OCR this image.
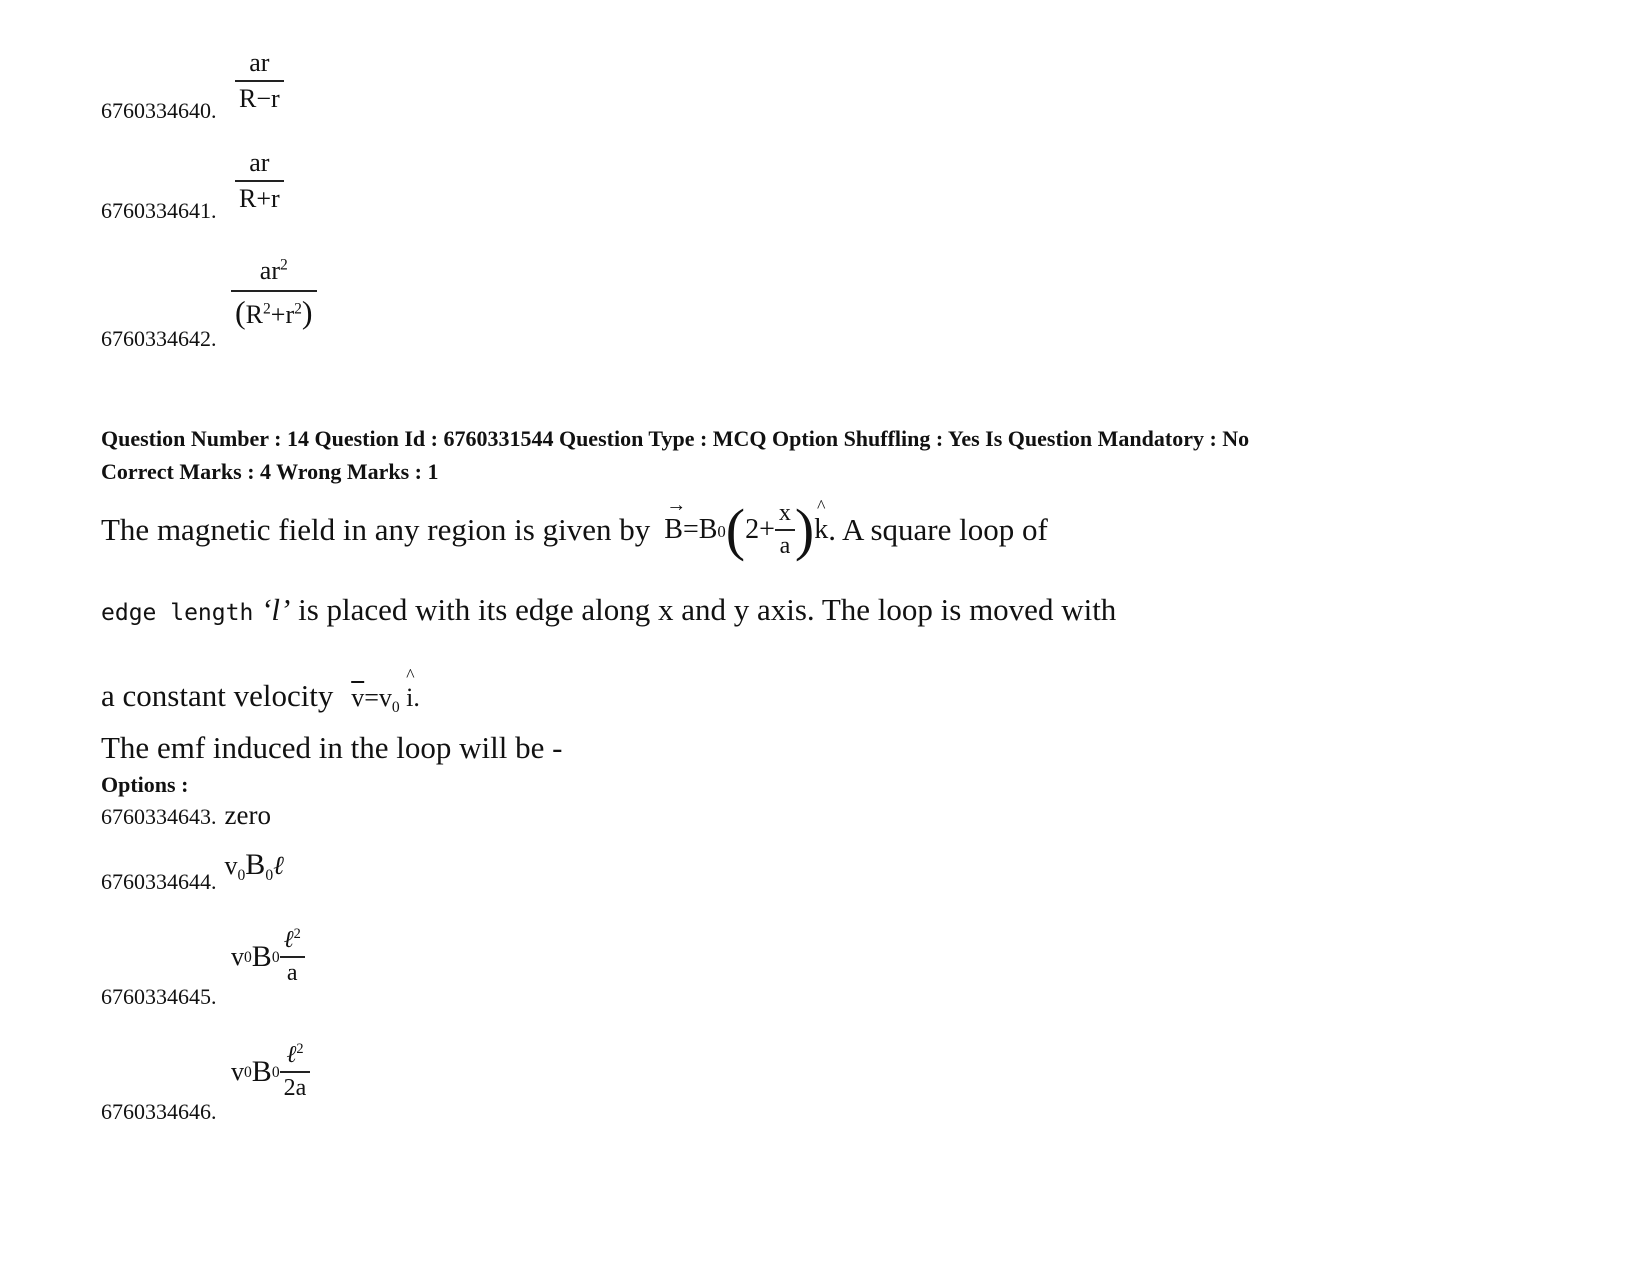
6760334640. $\frac{ar}{R-r}$
6760334641. $\frac{ar}{R+r}$
6760334642.
$\frac{ar^2}{(R^2+r^2)}$
Question Number : 14 Question Id : 6760331544 Question Type : MCQ Option Shuffling : Yes Is Question Mandatory : No
Correct Marks : 4 Wrong Marks : 1
The magnetic field in any region is given by → B =B 0 ( $2+ \frac{x}{a}$ ) ^ k . A square loop of
edge length ‘l’ is placed with its edge along x and y axis. The loop is moved with
a constant velocity $\overline{v}=v_0$ ^ i.
The emf induced in the loop will be -
Options :
6760334643. zero
6760334644. $v_0B_0\ell$
6760334645.
v 0 B $0 \frac{\ell^2}{a}$
6760334646.
v 0 B $0 \frac{\ell^2}{2a}$
